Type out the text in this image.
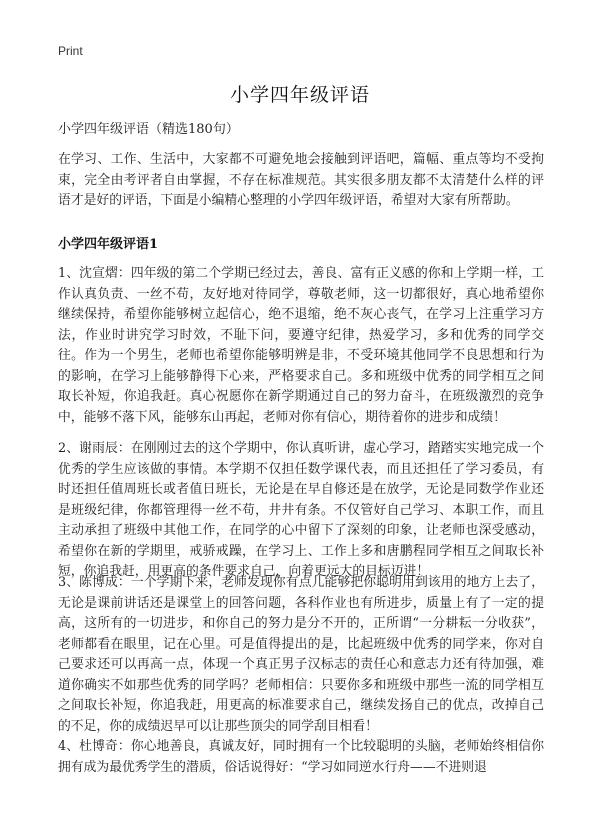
Print
小学四年级评语
小学四年级评语（精选180句）
在学习、工作、生活中，大家都不可避免地会接触到评语吧，篇幅、重点等均不受拘束，完全由考评者自由掌握，不存在标准规范。其实很多朋友都不太清楚什么样的评语才是好的评语，下面是小编精心整理的小学四年级评语，希望对大家有所帮助。
小学四年级评语1
1、沈宣熠：四年级的第二个学期已经过去，善良、富有正义感的你和上学期一样，工作认真负责、一丝不苟，友好地对待同学，尊敬老师，这一切都很好，真心地希望你继续保持，希望你能够树立起信心，绝不退缩，绝不灰心丧气，在学习上注重学习方法，作业时讲究学习时效，不耻下问，要遵守纪律，热爱学习，多和优秀的同学交往。作为一个男生，老师也希望你能够明辨是非，不受环境其他同学不良思想和行为的影响，在学习上能够静得下心来，严格要求自己。多和班级中优秀的同学相互之间取长补短，你追我赶。真心祝愿你在新学期通过自己的努力奋斗，在班级激烈的竞争中，能够不落下风，能够东山再起，老师对你有信心，期待着你的进步和成绩！
2、谢雨辰：在刚刚过去的这个学期中，你认真听讲，虚心学习，踏踏实实地完成一个优秀的学生应该做的事情。本学期不仅担任数学课代表，而且还担任了学习委员，有时还担任值周班长或者值日班长，无论是在早自修还是在放学，无论是同数学作业还是班级纪律，你都管理得一丝不苟，井井有条。不仅管好自己学习、本职工作，而且主动承担了班级中其他工作，在同学的心中留下了深刻的印象，让老师也深受感动，希望你在新的学期里，戒骄戒躁，在学习上、工作上多和唐鹏程同学相互之间取长补短，你追我赶，用更高的条件要求自己，向着更远大的目标迈进！
3、陈博成：一个学期下来，老师发现你有点儿能够把你聪明用到该用的地方上去了，无论是课前讲话还是课堂上的回答问题，各科作业也有所进步，质量上有了一定的提高，这所有的一切进步，和你自己的努力是分不开的，正所谓“一分耕耘一分收获”，老师都看在眼里，记在心里。可是值得提出的是，比起班级中优秀的同学来，你对自己要求还可以再高一点，体现一个真正男子汉标志的责任心和意志力还有待加强，难道你确实不如那些优秀的同学吗？老师相信：只要你多和班级中那些一流的同学相互之间取长补短，你追我赶，用更高的标准要求自己，继续发扬自己的优点，改掉自己的不足，你的成绩迟早可以让那些顶尖的同学刮目相看！
4、杜博奇：你心地善良，真诚友好，同时拥有一个比较聪明的头脑，老师始终相信你拥有成为最优秀学生的潜质，俗话说得好：“学习如同逆水行舟——不进则退
